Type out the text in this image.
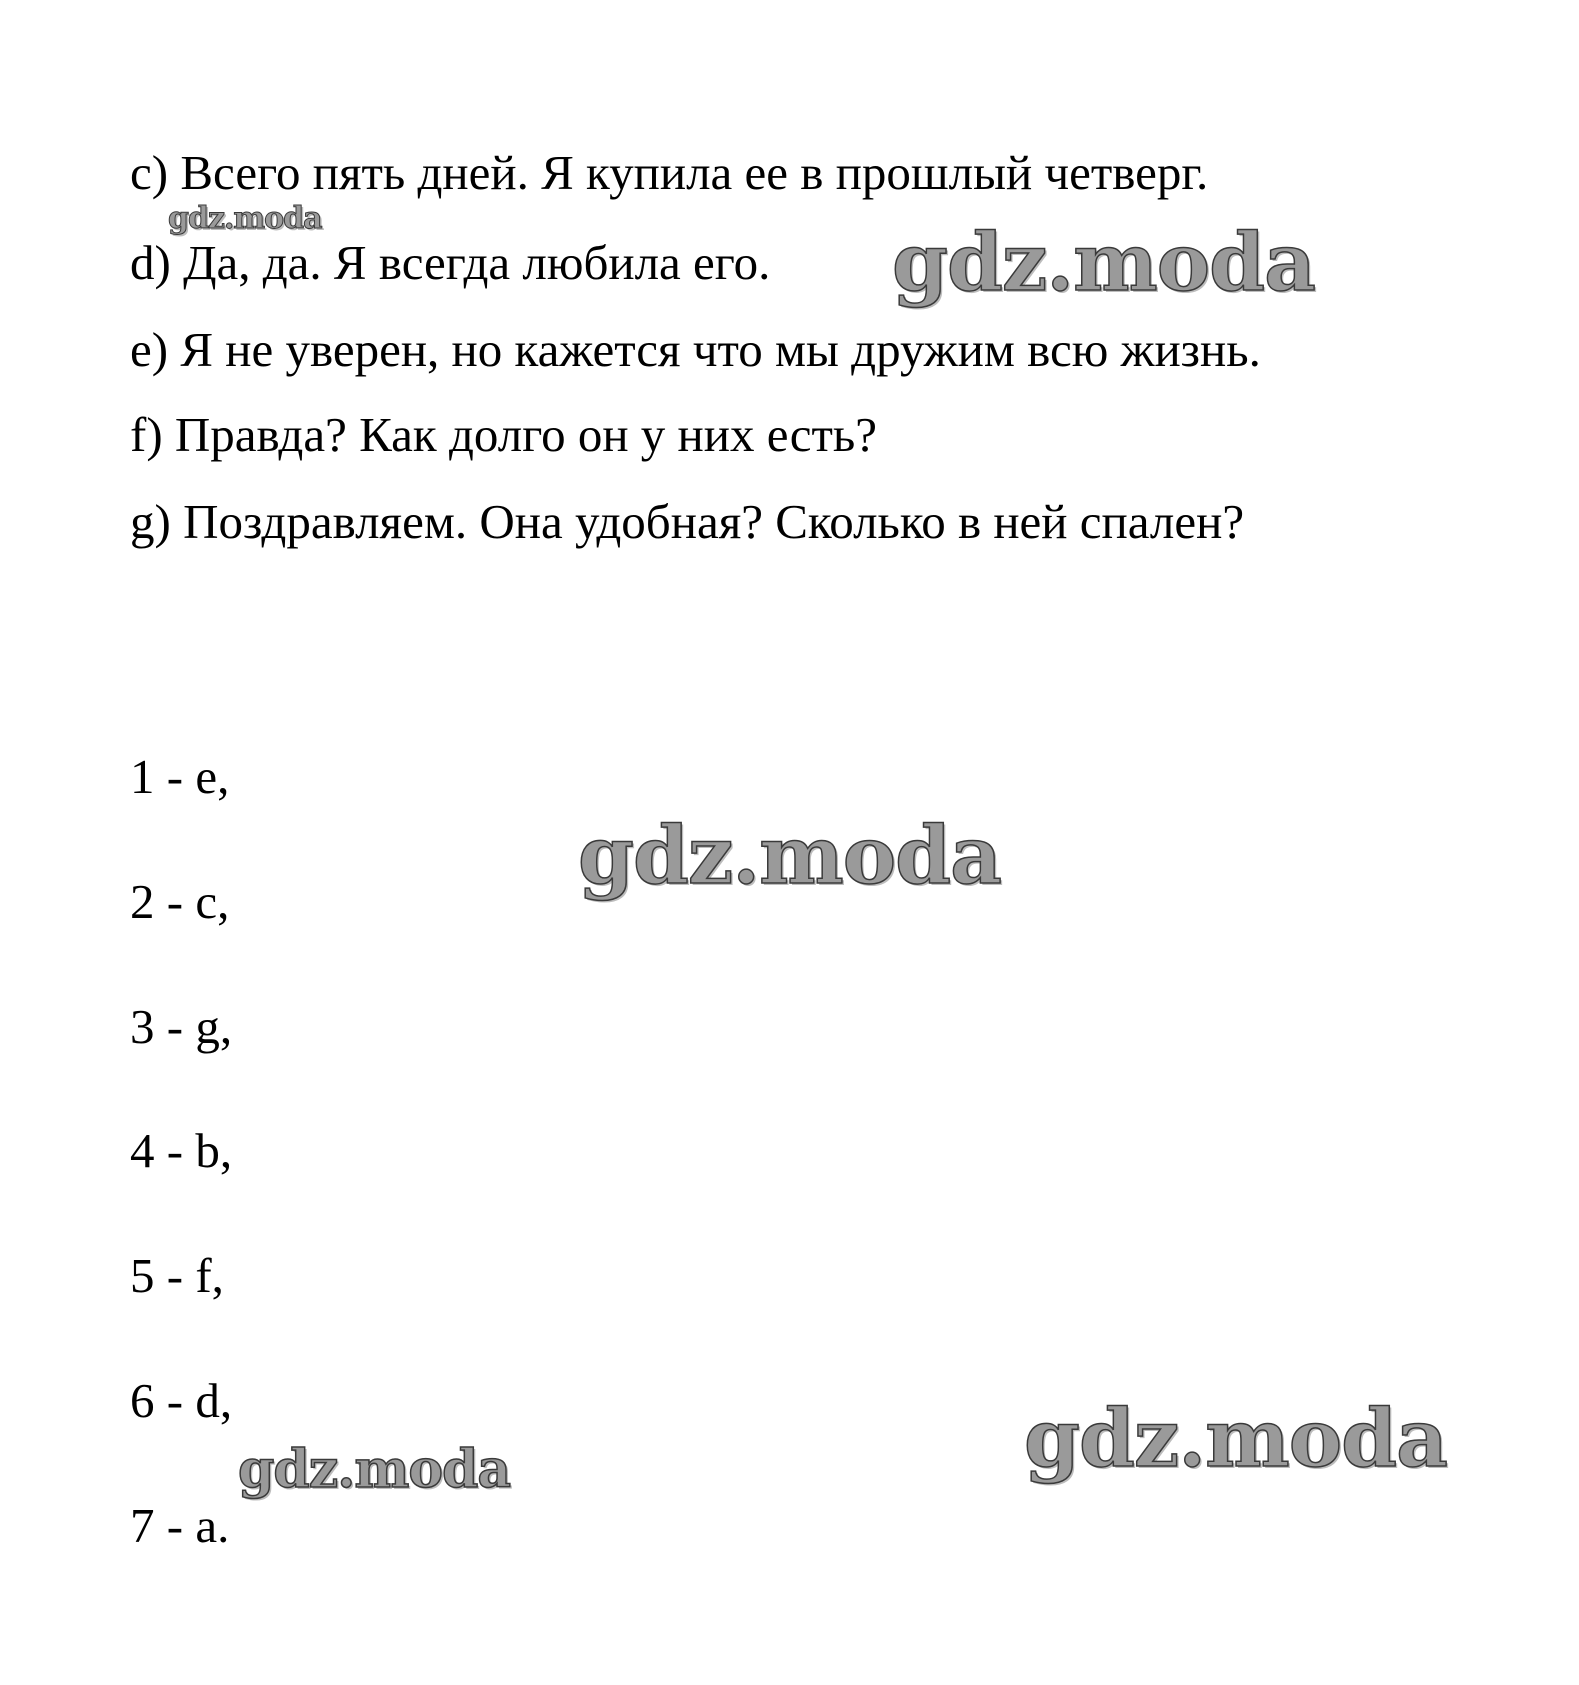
c) Всего пять дней. Я купила ее в прошлый четверг.
d) Да, да. Я всегда любила его.
e) Я не уверен, но кажется что мы дружим всю жизнь.
f) Правда? Как долго он у них есть?
g) Поздравляем. Она удобная? Сколько в ней спален?
1 - e,
2 - c,
3 - g,
4 - b,
5 - f,
6 - d,
7 - a.
gdz.moda	gdz.moda
gdz.moda
gdz.moda
gdz.moda
